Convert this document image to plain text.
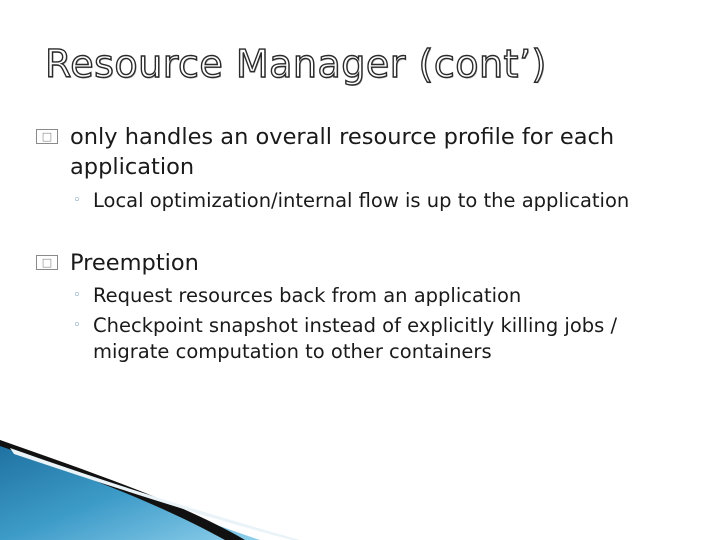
Resource Manager (cont’)
□ only handles an overall resource profile for each application
◦ Local optimization/internal flow is up to the application
□ Preemption
◦ Request resources back from an application
◦ Checkpoint snapshot instead of explicitly killing jobs / migrate computation to other containers
